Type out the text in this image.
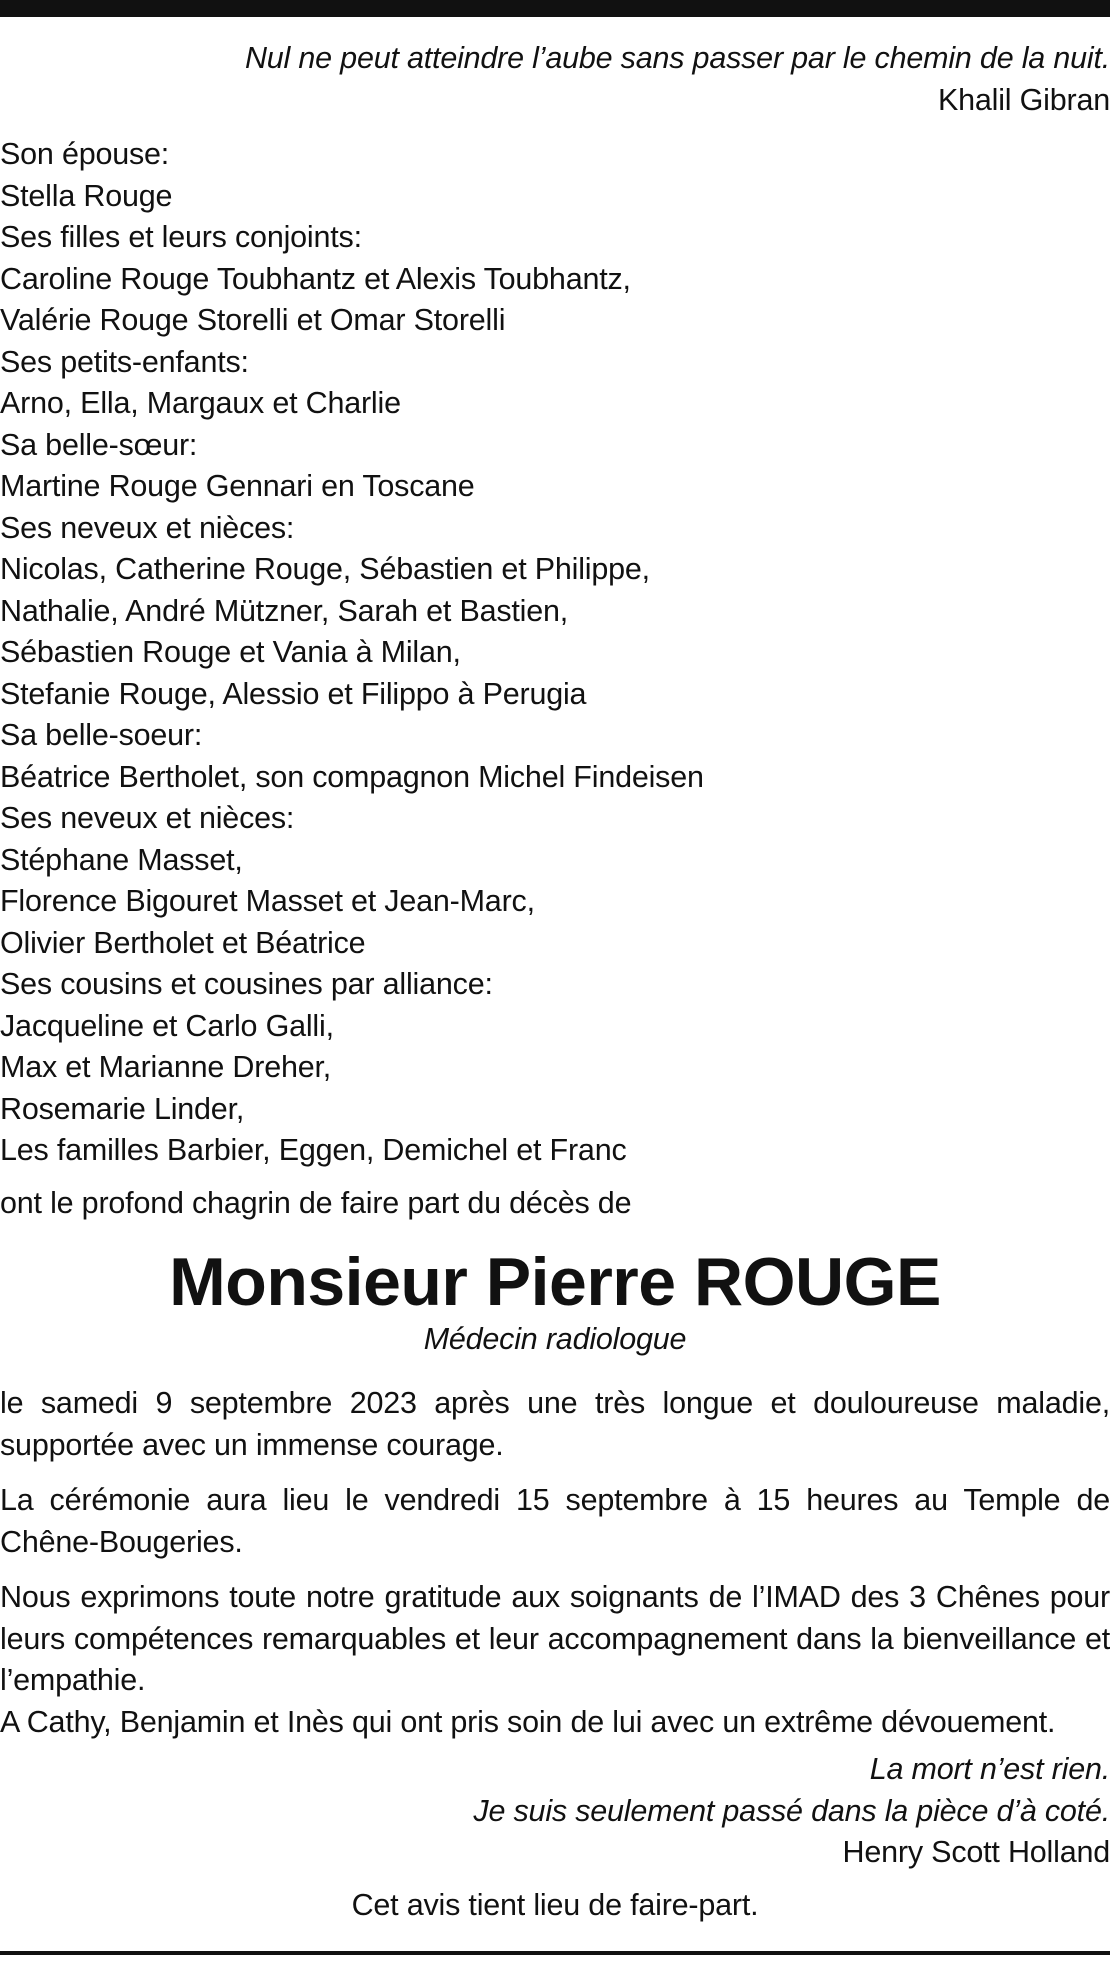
Nul ne peut atteindre l’aube sans passer par le chemin de la nuit.
Khalil Gibran
Son épouse:
Stella Rouge
Ses filles et leurs conjoints:
Caroline Rouge Toubhantz et Alexis Toubhantz,
Valérie Rouge Storelli et Omar Storelli
Ses petits-enfants:
Arno, Ella, Margaux et Charlie
Sa belle-sœur:
Martine Rouge Gennari en Toscane
Ses neveux et nièces:
Nicolas, Catherine Rouge, Sébastien et Philippe,
Nathalie, André Mützner, Sarah et Bastien,
Sébastien Rouge et Vania à Milan,
Stefanie Rouge, Alessio et Filippo à Perugia
Sa belle-soeur:
Béatrice Bertholet, son compagnon Michel Findeisen
Ses neveux et nièces:
Stéphane Masset,
Florence Bigouret Masset et Jean-Marc,
Olivier Bertholet et Béatrice
Ses cousins et cousines par alliance:
Jacqueline et Carlo Galli,
Max et Marianne Dreher,
Rosemarie Linder,
Les familles Barbier, Eggen, Demichel et Franc
ont le profond chagrin de faire part du décès de
Monsieur Pierre ROUGE
Médecin radiologue
le samedi 9 septembre 2023 après une très longue et douloureuse maladie, supportée avec un immense courage.
La cérémonie aura lieu le vendredi 15 septembre à 15 heures au Temple de Chêne-Bougeries.
Nous exprimons toute notre gratitude aux soignants de l’IMAD des 3 Chênes pour leurs compétences remarquables et leur accompagnement dans la bienveillance et l’empathie.
A Cathy, Benjamin et Inès qui ont pris soin de lui avec un extrême dévouement.
La mort n’est rien.
Je suis seulement passé dans la pièce d’à coté.
Henry Scott Holland
Cet avis tient lieu de faire-part.
